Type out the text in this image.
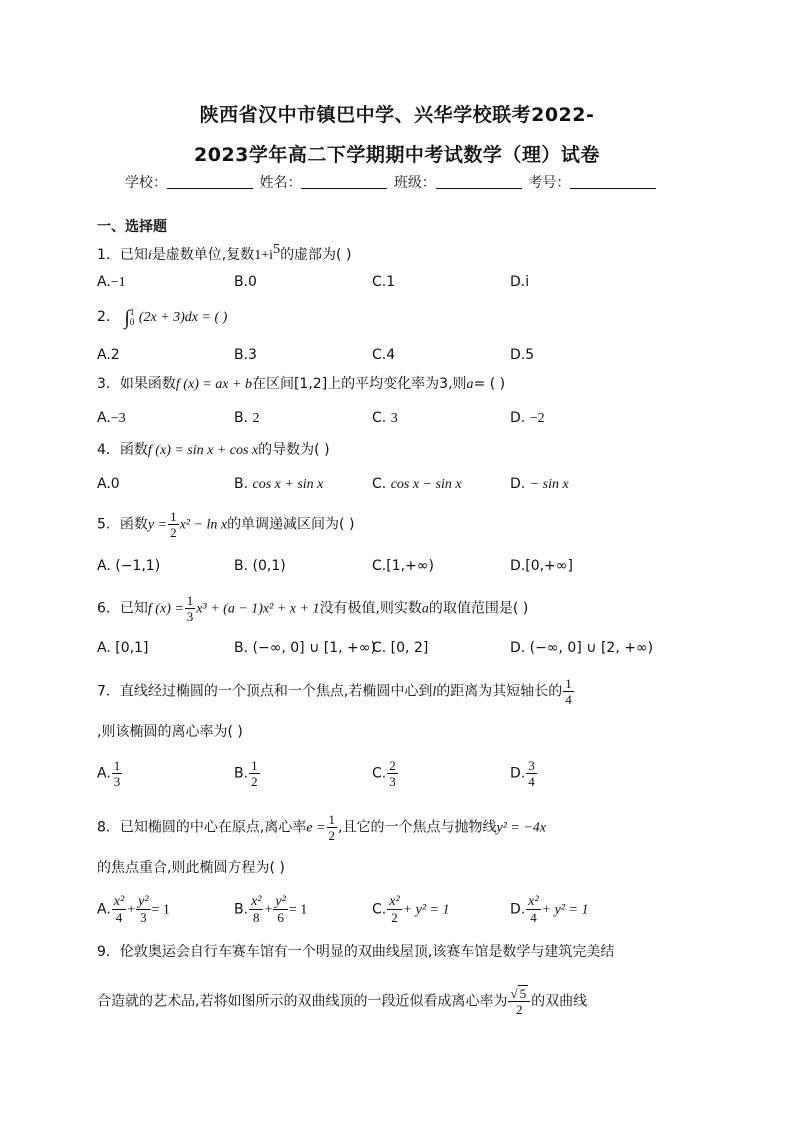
陕西省汉中市镇巴中学、兴华学校联考2022-
2023学年高二下学期期中考试数学（理）试卷
学校：	姓名：	班级：	考号：
一、选择题
1．已知i是虚数单位,复数$1+i^5$的虚部为( )
A.−1	B.0	C.1	D.i
2． ∫ 1
0 (2x + 3)dx = ( )
A.2	B.3	C.4	D.5
3．如果函数f (x) = ax + b在区间[1,2]上的平均变化率为3,则a= ( )
A.−3	B. 2	C. 3	D. −2
4．函数f (x) = sin x + cos x的导数为( )
A.0	B. cos x + sin x	C. cos x − sin x	D. − sin x
5．函数$y = \frac{1}{2} x^2 - \ln x$的单调递减区间为( )
A. (−1,1)	B. (0,1)	C.[1,+∞)	D.[0,+∞]
6．已知f $(x) = \frac{1}{3} x^3 + (a - 1)x^2 + x + 1$没有极值,则实数a的取值范围是( )
A. [0,1]	B. (−∞, 0] ∪ [1, +∞)
C. [0, 2]	D. (−∞, 0] ∪ [2, +∞)
7．直线经过椭圆的一个顶点和一个焦点,若椭圆中心到l的距离为其短轴长的 $\frac{1}{4}$
,则该椭圆的离心率为( )
A. $\frac{1}{3}$	B. $\frac{1}{2}$	C. $\frac{2}{3}$	D. $\frac{3}{4}$
8．已知椭圆的中心在原点,离心率$e = \frac{1}{2}$ ,且它的一个焦点与抛物线y² = −4x
的焦点重合,则此椭圆方程为( )
A. $\frac{\text{x²}}{4} + \frac{\text{y²}}{3} = 1$	B. $\frac{\text{x²}}{8} + \frac{\text{y²}}{6} = 1$	C. $\frac{\text{x²}}{2} + y^2 = 1$	D. $\frac{\text{x²}}{4} + y^2 = 1$
9．伦敦奥运会自行车赛车馆有一个明显的双曲线屋顶,该赛车馆是数学与建筑完美结
合造就的艺术品,若将如图所示的双曲线顶的一段近似看成离心率为 $\frac{√ 5}{2}$ 的双曲线
